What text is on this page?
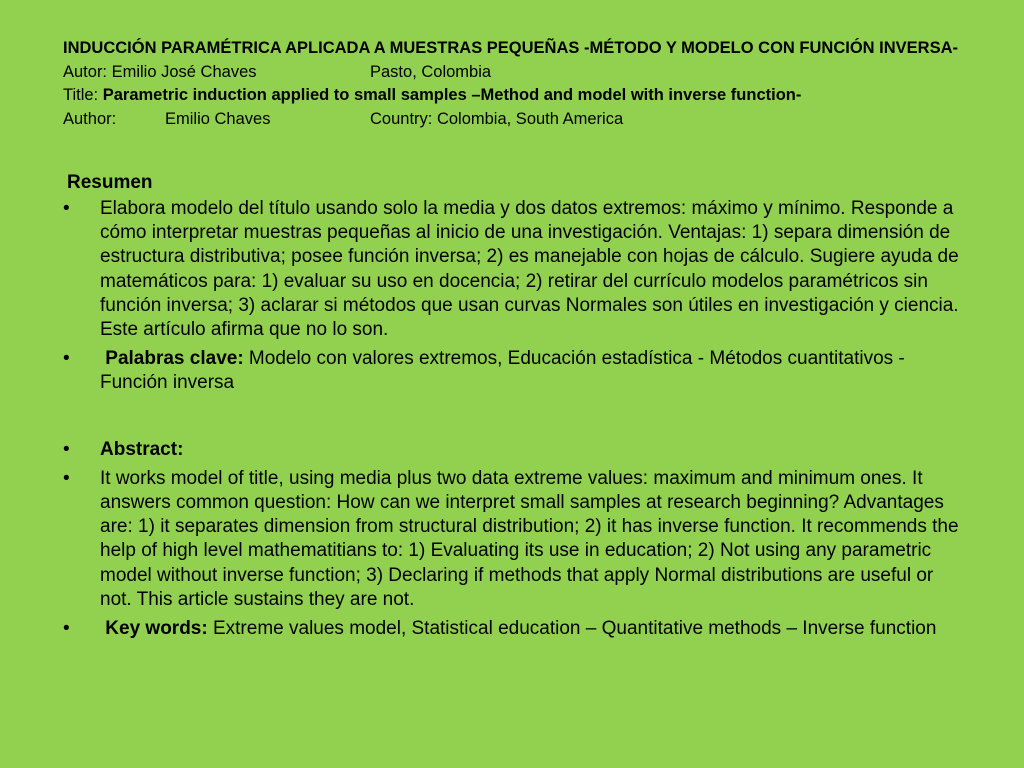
INDUCCIÓN PARAMÉTRICA APLICADA A MUESTRAS PEQUEÑAS -MÉTODO Y MODELO CON FUNCIÓN INVERSA-
Autor: Emilio José Chaves	Pasto, Colombia
Title: Parametric induction applied to small samples –Method and model with inverse function-
Author:	Emilio Chaves	Country: Colombia, South America
Resumen
•	Elabora modelo del título usando solo la media y dos datos extremos: máximo y mínimo. Responde a cómo interpretar muestras pequeñas al inicio de una investigación. Ventajas: 1) separa dimensión de estructura distributiva; posee función inversa; 2) es manejable con hojas de cálculo. Sugiere ayuda de matemáticos para: 1) evaluar su uso en docencia; 2) retirar del currículo modelos paramétricos sin función inversa; 3) aclarar si métodos que usan curvas Normales son útiles en investigación y ciencia. Este artículo afirma que no lo son.
•	Palabras clave: Modelo con valores extremos, Educación estadística - Métodos cuantitativos - Función inversa
•	Abstract:
•	It works model of title, using media plus two data extreme values: maximum and minimum ones. It answers common question: How can we interpret small samples at research beginning? Advantages are: 1) it separates dimension from structural distribution; 2) it has inverse function. It recommends the help of high level mathematitians to: 1) Evaluating its use in education; 2) Not using any parametric model without inverse function; 3) Declaring if methods that apply Normal distributions are useful or not. This article sustains they are not.
•	Key words: Extreme values model, Statistical education – Quantitative methods – Inverse function
